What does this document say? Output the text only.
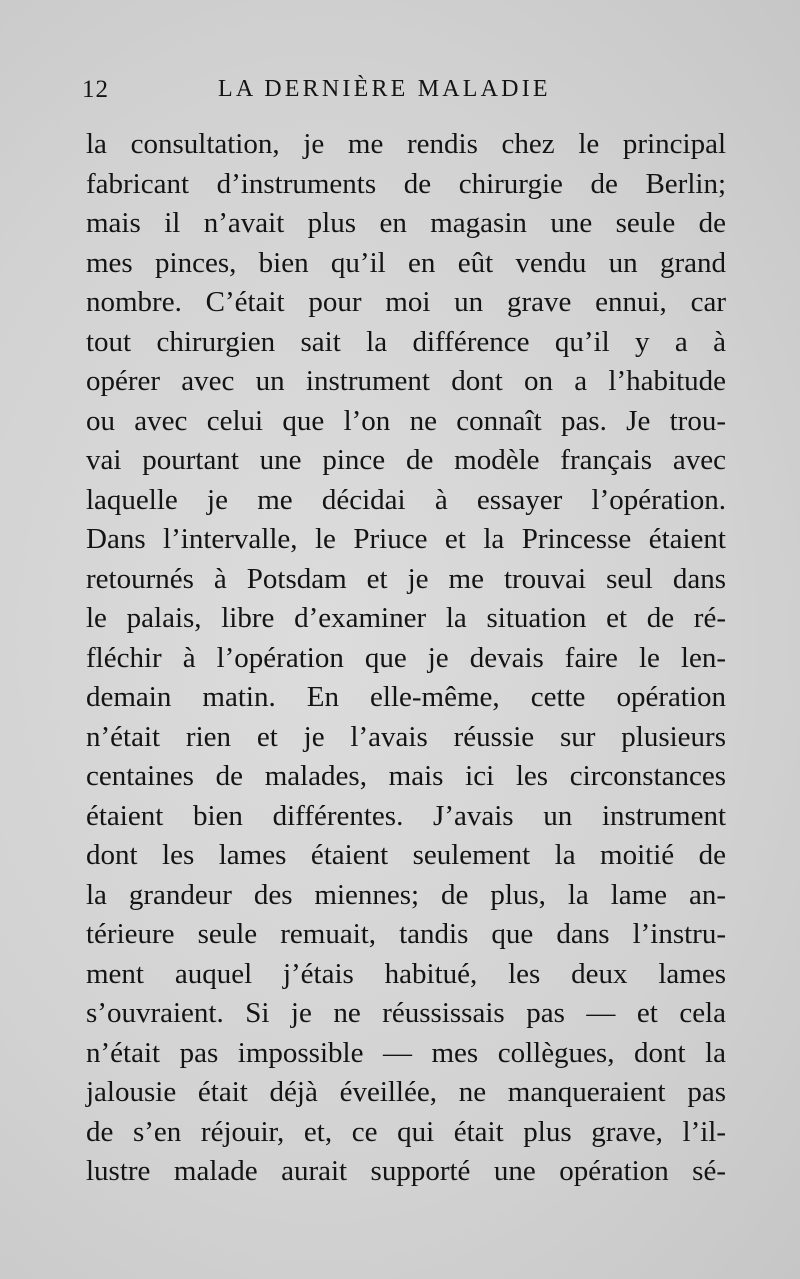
12	LA DERNIÈRE MALADIE
la consultation, je me rendis chez le principal
fabricant d’instruments de chirurgie de Berlin;
mais il n’avait plus en magasin une seule de
mes pinces, bien qu’il en eût vendu un grand
nombre. C’était pour moi un grave ennui, car
tout chirurgien sait la différence qu’il y a à
opérer avec un instrument dont on a l’habitude
ou avec celui que l’on ne connaît pas. Je trou-
vai pourtant une pince de modèle français avec
laquelle je me décidai à essayer l’opération.
Dans l’intervalle, le Priuce et la Princesse étaient
retournés à Potsdam et je me trouvai seul dans
le palais, libre d’examiner la situation et de ré-
fléchir à l’opération que je devais faire le len-
demain matin. En elle-même, cette opération
n’était rien et je l’avais réussie sur plusieurs
centaines de malades, mais ici les circonstances
étaient bien différentes. J’avais un instrument
dont les lames étaient seulement la moitié de
la grandeur des miennes; de plus, la lame an-
térieure seule remuait, tandis que dans l’instru-
ment auquel j’étais habitué, les deux lames
s’ouvraient. Si je ne réussissais pas — et cela
n’était pas impossible — mes collègues, dont la
jalousie était déjà éveillée, ne manqueraient pas
de s’en réjouir, et, ce qui était plus grave, l’il-
lustre malade aurait supporté une opération sé-
